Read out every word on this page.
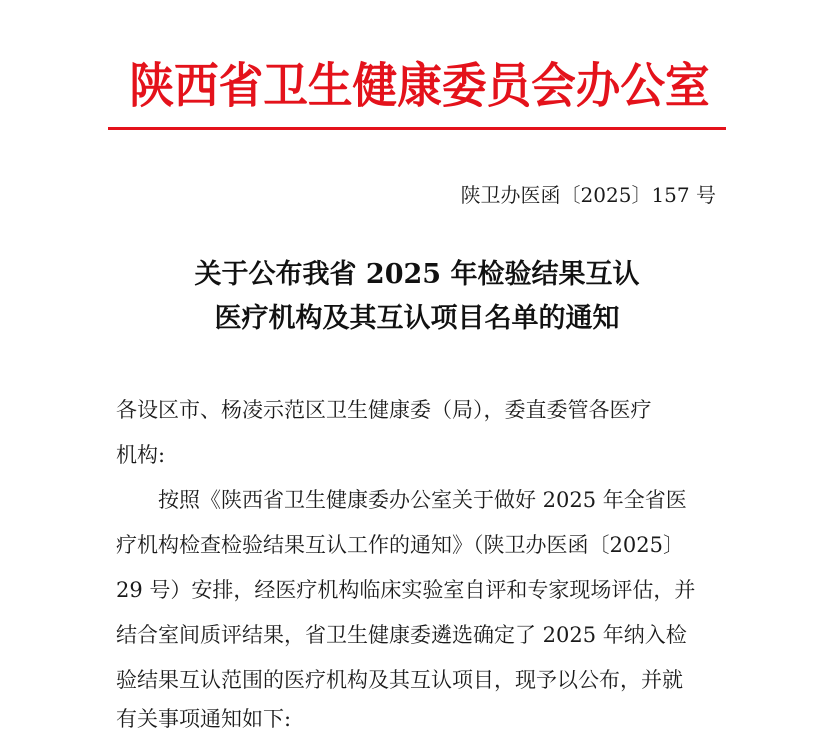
陕西省卫生健康委员会办公室
陕卫办医函〔2025〕157 号
关于公布我省 2025 年检验结果互认
医疗机构及其互认项目名单的通知
各设区市、杨凌示范区卫生健康委（局），委直委管各医疗
机构:
　　按照《陕西省卫生健康委办公室关于做好 2025 年全省医
疗机构检查检验结果互认工作的通知》（陕卫办医函〔2025〕
29 号）安排，经医疗机构临床实验室自评和专家现场评估，并
结合室间质评结果，省卫生健康委遴选确定了 2025 年纳入检
验结果互认范围的医疗机构及其互认项目，现予以公布，并就
有关事项通知如下:
